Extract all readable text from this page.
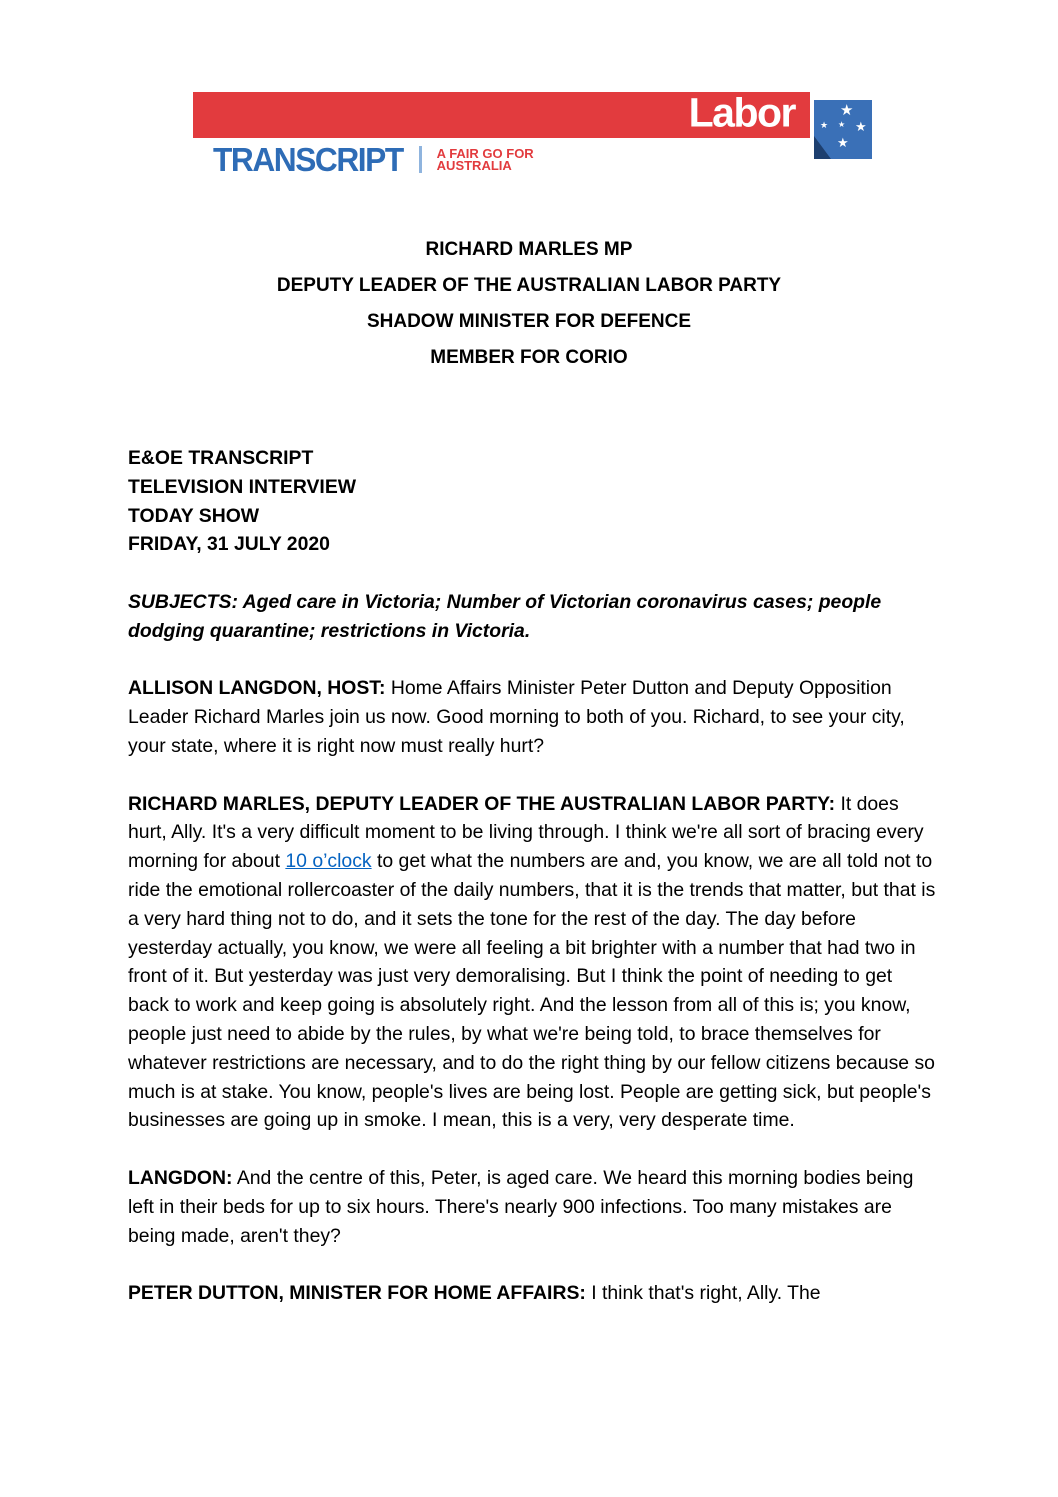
Labor	★
★
★
★ ★
TRANSCRIPT	A FAIR GO FOR
AUSTRALIA
RICHARD MARLES MP
DEPUTY LEADER OF THE AUSTRALIAN LABOR PARTY
SHADOW MINISTER FOR DEFENCE
MEMBER FOR CORIO
E&OE TRANSCRIPT
TELEVISION INTERVIEW
TODAY SHOW
FRIDAY, 31 JULY 2020

SUBJECTS: Aged care in Victoria; Number of Victorian coronavirus cases; people dodging quarantine; restrictions in Victoria.

ALLISON LANGDON, HOST: Home Affairs Minister Peter Dutton and Deputy Opposition Leader Richard Marles join us now. Good morning to both of you. Richard, to see your city, your state, where it is right now must really hurt?

RICHARD MARLES, DEPUTY LEADER OF THE AUSTRALIAN LABOR PARTY: It does hurt, Ally. It's a very difficult moment to be living through. I think we're all sort of bracing every morning for about 10 o’clock to get what the numbers are and, you know, we are all told not to ride the emotional rollercoaster of the daily numbers, that it is the trends that matter, but that is a very hard thing not to do, and it sets the tone for the rest of the day. The day before yesterday actually, you know, we were all feeling a bit brighter with a number that had two in front of it. But yesterday was just very demoralising. But I think the point of needing to get back to work and keep going is absolutely right. And the lesson from all of this is; you know, people just need to abide by the rules, by what we're being told, to brace themselves for whatever restrictions are necessary, and to do the right thing by our fellow citizens because so much is at stake. You know, people's lives are being lost. People are getting sick, but people's businesses are going up in smoke. I mean, this is a very, very desperate time.

LANGDON: And the centre of this, Peter, is aged care. We heard this morning bodies being left in their beds for up to six hours. There's nearly 900 infections. Too many mistakes are being made, aren't they?

PETER DUTTON, MINISTER FOR HOME AFFAIRS: I think that's right, Ally. The
